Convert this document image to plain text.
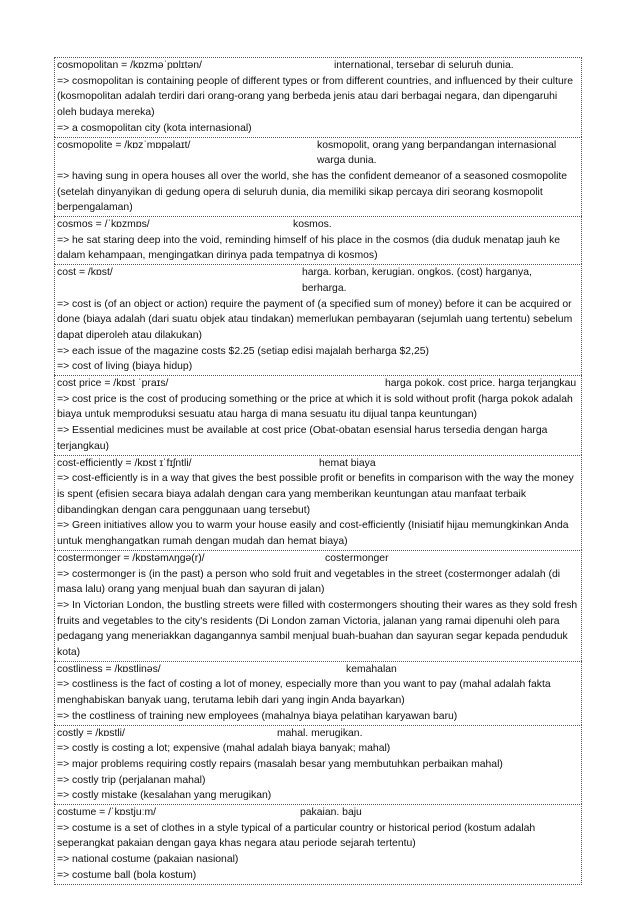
cosmopolitan = /kɒzməˈpɒlɪtən/	international, tersebar di seluruh dunia.
=> cosmopolitan is containing people of different types or from different countries, and influenced by their culture (kosmopolitan adalah terdiri dari orang-orang yang berbeda jenis atau dari berbagai negara, dan dipengaruhi oleh budaya mereka)
=> a cosmopolitan city (kota internasional)
cosmopolite = /kɒzˈmɒpəlaɪt/	kosmopolit, orang yang berpandangan internasional warga dunia.
=> having sung in opera houses all over the world, she has the confident demeanor of a seasoned cosmopolite (setelah dinyanyikan di gedung opera di seluruh dunia, dia memiliki sikap percaya diri seorang kosmopolit berpengalaman)
cosmos = /ˈkɒzmɒs/	kosmos.
=> he sat staring deep into the void, reminding himself of his place in the cosmos (dia duduk menatap jauh ke dalam kehampaan, mengingatkan dirinya pada tempatnya di kosmos)
cost = /kɒst/	harga. korban, kerugian. ongkos. (cost) harganya, berharga.
=> cost is (of an object or action) require the payment of (a specified sum of money) before it can be acquired or done (biaya adalah (dari suatu objek atau tindakan) memerlukan pembayaran (sejumlah uang tertentu) sebelum dapat diperoleh atau dilakukan)
=> each issue of the magazine costs $2.25 (setiap edisi majalah berharga $2,25)
=> cost of living (biaya hidup)
cost price = /kɒst ˈpraɪs/	harga pokok. cost price. harga terjangkau
=> cost price is the cost of producing something or the price at which it is sold without profit (harga pokok adalah biaya untuk memproduksi sesuatu atau harga di mana sesuatu itu dijual tanpa keuntungan)
=> Essential medicines must be available at cost price (Obat-obatan esensial harus tersedia dengan harga terjangkau)
cost-efficiently = /kɒst ɪˈfɪʃntli/	hemat biaya
=> cost-efficiently is in a way that gives the best possible profit or benefits in comparison with the way the money is spent (efisien secara biaya adalah dengan cara yang memberikan keuntungan atau manfaat terbaik dibandingkan dengan cara penggunaan uang tersebut)
=> Green initiatives allow you to warm your house easily and cost-efficiently (Inisiatif hijau memungkinkan Anda untuk menghangatkan rumah dengan mudah dan hemat biaya)
costermonger = /kɒstəmʌŋɡə(r)/	costermonger
=> costermonger is (in the past) a person who sold fruit and vegetables in the street (costermonger adalah (di masa lalu) orang yang menjual buah dan sayuran di jalan)
=> In Victorian London, the bustling streets were filled with costermongers shouting their wares as they sold fresh fruits and vegetables to the city's residents (Di London zaman Victoria, jalanan yang ramai dipenuhi oleh para pedagang yang meneriakkan dagangannya sambil menjual buah-buahan dan sayuran segar kepada penduduk kota)
costliness = /kɒstlinəs/	kemahalan
=> costliness is the fact of costing a lot of money, especially more than you want to pay (mahal adalah fakta menghabiskan banyak uang, terutama lebih dari yang ingin Anda bayarkan)
=> the costliness of training new employees (mahalnya biaya pelatihan karyawan baru)
costly = /kɒstli/	mahal. merugikan.
=> costly is costing a lot; expensive (mahal adalah biaya banyak; mahal)
=> major problems requiring costly repairs (masalah besar yang membutuhkan perbaikan mahal)
=> costly trip (perjalanan mahal)
=> costly mistake (kesalahan yang merugikan)
costume = /ˈkɒstjuːm/	pakaian. baju
=> costume is a set of clothes in a style typical of a particular country or historical period (kostum adalah seperangkat pakaian dengan gaya khas negara atau periode sejarah tertentu)
=> national costume (pakaian nasional)
=> costume ball (bola kostum)
